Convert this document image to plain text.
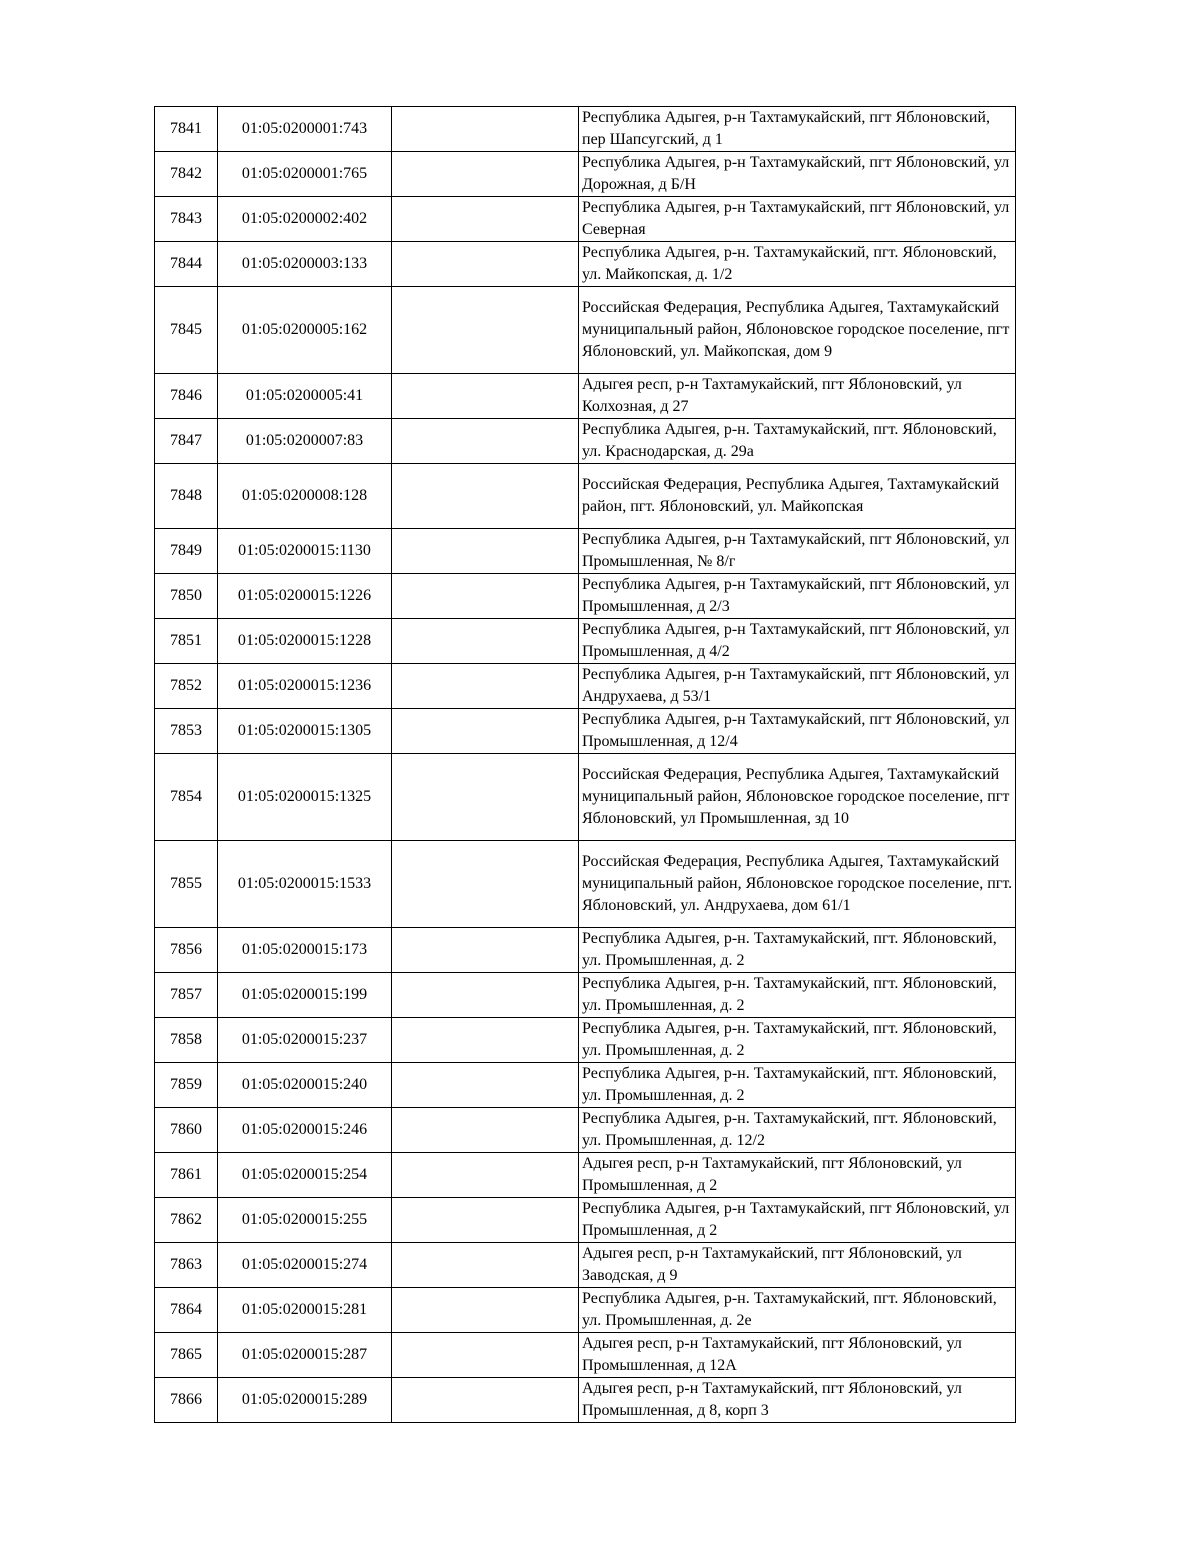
7841	01:05:0200001:743		Республика Адыгея, р-н Тахтамукайский, пгт Яблоновский, пер Шапсугский, д 1
7842	01:05:0200001:765		Республика Адыгея, р-н Тахтамукайский, пгт Яблоновский, ул Дорожная, д Б/Н
7843	01:05:0200002:402		Республика Адыгея, р-н Тахтамукайский, пгт Яблоновский, ул Северная
7844	01:05:0200003:133		Республика Адыгея, р-н. Тахтамукайский, пгт. Яблоновский, ул. Майкопская, д. 1/2
7845	01:05:0200005:162		Российская Федерация, Республика Адыгея, Тахтамукайский муниципальный район, Яблоновское городское поселение, пгт Яблоновский, ул. Майкопская, дом 9
7846	01:05:0200005:41		Адыгея респ, р-н Тахтамукайский, пгт Яблоновский, ул Колхозная, д 27
7847	01:05:0200007:83		Республика Адыгея, р-н. Тахтамукайский, пгт. Яблоновский, ул. Краснодарская, д. 29а
7848	01:05:0200008:128		Российская Федерация, Республика Адыгея, Тахтамукайский район, пгт. Яблоновский, ул. Майкопская
7849	01:05:0200015:1130		Республика Адыгея, р-н Тахтамукайский, пгт Яблоновский, ул Промышленная, № 8/г
7850	01:05:0200015:1226		Республика Адыгея, р-н Тахтамукайский, пгт Яблоновский, ул Промышленная, д 2/3
7851	01:05:0200015:1228		Республика Адыгея, р-н Тахтамукайский, пгт Яблоновский, ул Промышленная, д 4/2
7852	01:05:0200015:1236		Республика Адыгея, р-н Тахтамукайский, пгт Яблоновский, ул Андрухаева, д 53/1
7853	01:05:0200015:1305		Республика Адыгея, р-н Тахтамукайский, пгт Яблоновский, ул Промышленная, д 12/4
7854	01:05:0200015:1325		Российская Федерация, Республика Адыгея, Тахтамукайский муниципальный район, Яблоновское городское поселение, пгт Яблоновский, ул Промышленная, зд 10
7855	01:05:0200015:1533		Российская Федерация, Республика Адыгея, Тахтамукайский муниципальный район, Яблоновское городское поселение, пгт. Яблоновский, ул. Андрухаева, дом 61/1
7856	01:05:0200015:173		Республика Адыгея, р-н. Тахтамукайский, пгт. Яблоновский, ул. Промышленная, д. 2
7857	01:05:0200015:199		Республика Адыгея, р-н. Тахтамукайский, пгт. Яблоновский, ул. Промышленная, д. 2
7858	01:05:0200015:237		Республика Адыгея, р-н. Тахтамукайский, пгт. Яблоновский, ул. Промышленная, д. 2
7859	01:05:0200015:240		Республика Адыгея, р-н. Тахтамукайский, пгт. Яблоновский, ул. Промышленная, д. 2
7860	01:05:0200015:246		Республика Адыгея, р-н. Тахтамукайский, пгт. Яблоновский, ул. Промышленная, д. 12/2
7861	01:05:0200015:254		Адыгея респ, р-н Тахтамукайский, пгт Яблоновский, ул Промышленная, д 2
7862	01:05:0200015:255		Республика Адыгея, р-н Тахтамукайский, пгт Яблоновский, ул Промышленная, д 2
7863	01:05:0200015:274		Адыгея респ, р-н Тахтамукайский, пгт Яблоновский, ул Заводская, д 9
7864	01:05:0200015:281		Республика Адыгея, р-н. Тахтамукайский, пгт. Яблоновский, ул. Промышленная, д. 2е
7865	01:05:0200015:287		Адыгея респ, р-н Тахтамукайский, пгт Яблоновский, ул Промышленная, д 12А
7866	01:05:0200015:289		Адыгея респ, р-н Тахтамукайский, пгт Яблоновский, ул Промышленная, д 8, корп 3
